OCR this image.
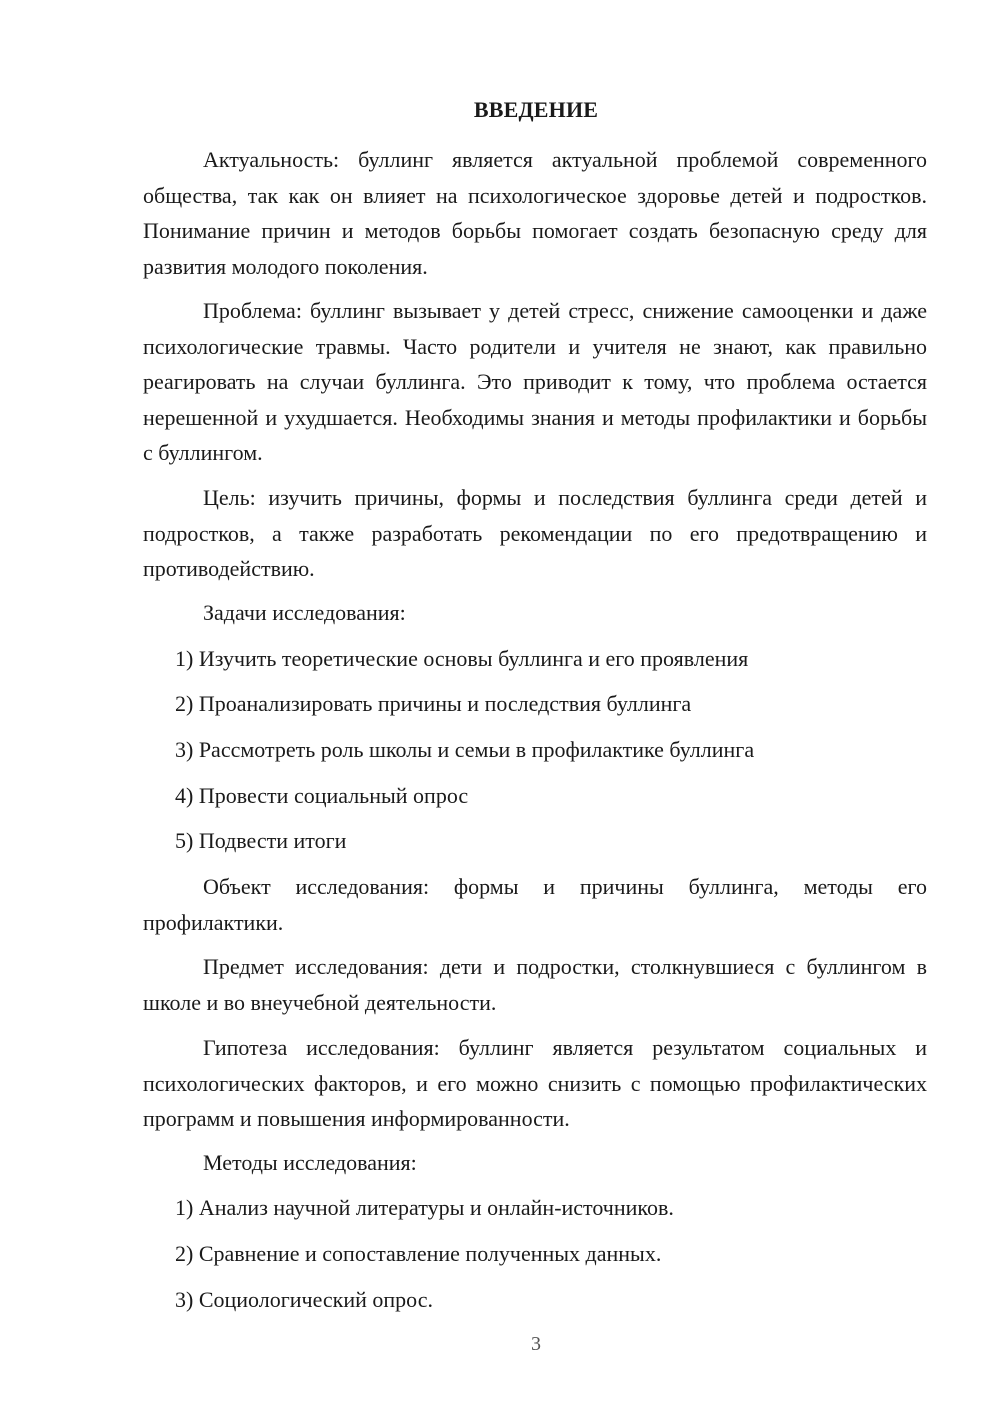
ВВЕДЕНИЕ
Актуальность: буллинг является актуальной проблемой современного общества, так как он влияет на психологическое здоровье детей и подростков. Понимание причин и методов борьбы помогает создать безопасную среду для развития молодого поколения.
Проблема: буллинг вызывает у детей стресс, снижение самооценки и даже психологические травмы. Часто родители и учителя не знают, как правильно реагировать на случаи буллинга. Это приводит к тому, что проблема остается нерешенной и ухудшается. Необходимы знания и методы профилактики и борьбы с буллингом.
Цель: изучить причины, формы и последствия буллинга среди детей и подростков, а также разработать рекомендации по его предотвращению и противодействию.
Задачи исследования:
1) Изучить теоретические основы буллинга и его проявления
2) Проанализировать причины и последствия буллинга
3) Рассмотреть роль школы и семьи в профилактике буллинга
4) Провести социальный опрос
5) Подвести итоги
Объект исследования: формы и причины буллинга, методы его профилактики.
Предмет исследования: дети и подростки, столкнувшиеся с буллингом в школе и во внеучебной деятельности.
Гипотеза исследования: буллинг является результатом социальных и психологических факторов, и его можно снизить с помощью профилактических программ и повышения информированности.
Методы исследования:
1) Анализ научной литературы и онлайн-источников.
2) Сравнение и сопоставление полученных данных.
3) Социологический опрос.
3
